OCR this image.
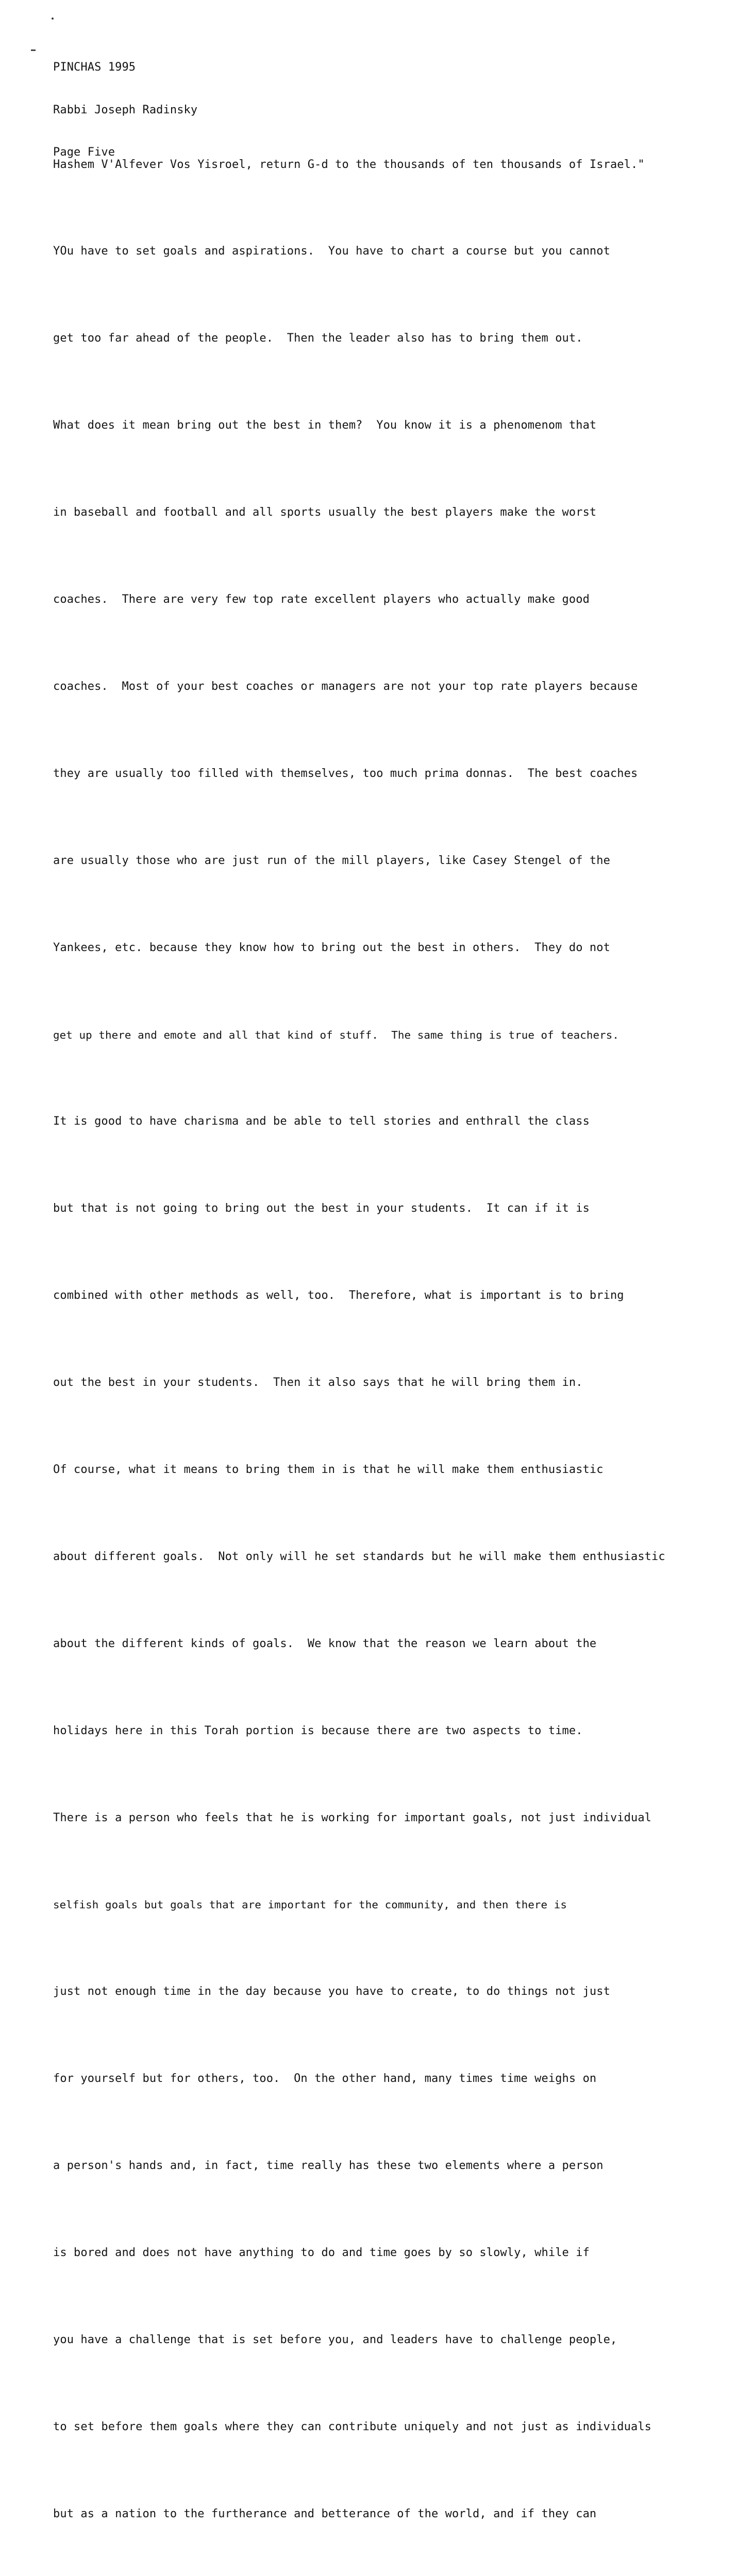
PINCHAS 1995

Rabbi Joseph Radinsky

Page Five

Hashem V'Alfever Vos Yisroel, return G-d to the thousands of ten thousands of Israel."

YOu have to set goals and aspirations.  You have to chart a course but you cannot

get too far ahead of the people.  Then the leader also has to bring them out.

What does it mean bring out the best in them?  You know it is a phenomenom that

in baseball and football and all sports usually the best players make the worst

coaches.  There are very few top rate excellent players who actually make good

coaches.  Most of your best coaches or managers are not your top rate players because

they are usually too filled with themselves, too much prima donnas.  The best coaches

are usually those who are just run of the mill players, like Casey Stengel of the

Yankees, etc. because they know how to bring out the best in others.  They do not

get up there and emote and all that kind of stuff.  The same thing is true of teachers.

It is good to have charisma and be able to tell stories and enthrall the class

but that is not going to bring out the best in your students.  It can if it is

combined with other methods as well, too.  Therefore, what is important is to bring

out the best in your students.  Then it also says that he will bring them in.

Of course, what it means to bring them in is that he will make them enthusiastic

about different goals.  Not only will he set standards but he will make them enthusiastic

about the different kinds of goals.  We know that the reason we learn about the

holidays here in this Torah portion is because there are two aspects to time.

There is a person who feels that he is working for important goals, not just individual

selfish goals but goals that are important for the community, and then there is

just not enough time in the day because you have to create, to do things not just

for yourself but for others, too.  On the other hand, many times time weighs on

a person's hands and, in fact, time really has these two elements where a person

is bored and does not have anything to do and time goes by so slowly, while if

you have a challenge that is set before you, and leaders have to challenge people,

to set before them goals where they can contribute uniquely and not just as individuals

but as a nation to the furtherance and betterance of the world, and if they can
